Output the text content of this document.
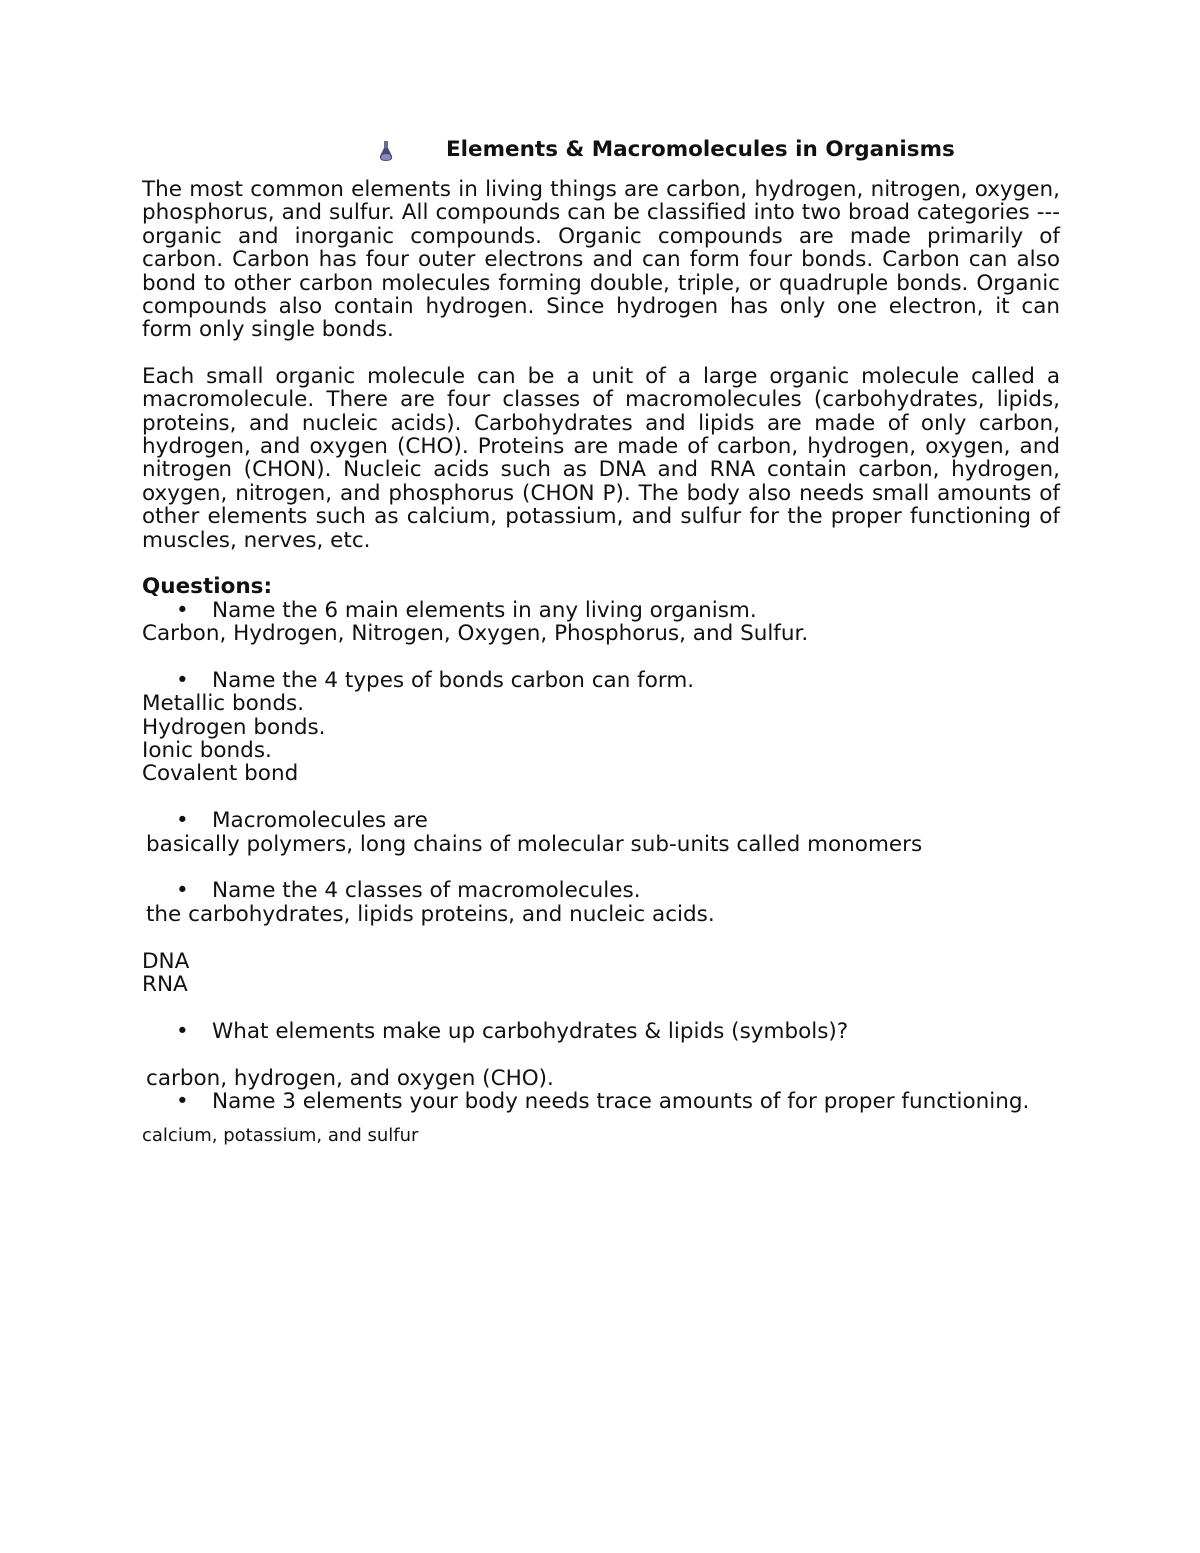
Elements & Macromolecules in Organisms

The most common elements in living things are carbon, hydrogen, nitrogen, oxygen, phosphorus, and sulfur. All compounds can be classified into two broad categories --- organic and inorganic compounds. Organic compounds are made primarily of carbon. Carbon has four outer electrons and can form four bonds. Carbon can also bond to other carbon molecules forming double, triple, or quadruple bonds. Organic compounds also contain hydrogen. Since hydrogen has only one electron, it can form only single bonds.

Each small organic molecule can be a unit of a large organic molecule called a macromolecule. There are four classes of macromolecules (carbohydrates, lipids, proteins, and nucleic acids). Carbohydrates and lipids are made of only carbon, hydrogen, and oxygen (CHO). Proteins are made of carbon, hydrogen, oxygen, and nitrogen (CHON). Nucleic acids such as DNA and RNA contain carbon, hydrogen, oxygen, nitrogen, and phosphorus (CHON P). The body also needs small amounts of other elements such as calcium, potassium, and sulfur for the proper functioning of muscles, nerves, etc.

Questions:

• Name the 6 main elements in any living organism.

Carbon, Hydrogen, Nitrogen, Oxygen, Phosphorus, and Sulfur.

• Name the 4 types of bonds carbon can form.

Metallic bonds.

Hydrogen bonds.

Ionic bonds.

Covalent bond

• Macromolecules are

basically polymers, long chains of molecular sub-units called monomers

• Name the 4 classes of macromolecules.

the carbohydrates, lipids proteins, and nucleic acids.

DNA

RNA

• What elements make up carbohydrates & lipids (symbols)?

carbon, hydrogen, and oxygen (CHO).

• Name 3 elements your body needs trace amounts of for proper functioning.

calcium, potassium, and sulfur
